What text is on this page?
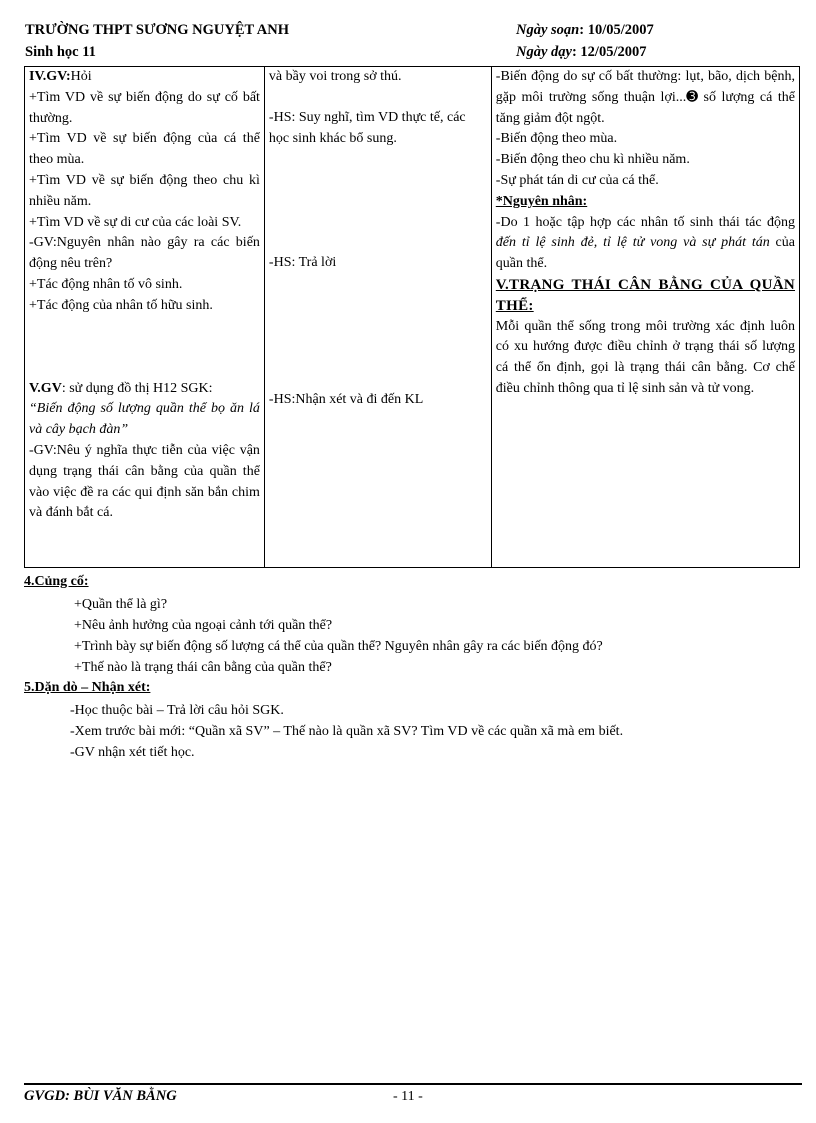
TRƯỜNG THPT SƯƠNG NGUYỆT ANH
Sinh học 11
Ngày soạn: 10/05/2007
Ngày dạy: 12/05/2007
IV.GV:Hỏi
+Tìm VD về sự biến động do sự cố bất thường.
+Tìm VD về sự biến động của cá thể theo mùa.
+Tìm VD về sự biến động theo chu kì nhiều năm.
+Tìm VD về sự di cư của các loài SV.
-GV:Nguyên nhân nào gây ra các biến động nêu trên?
+Tác động nhân tố vô sinh.
+Tác động của nhân tố hữu sinh.
V.GV: sử dụng đồ thị H12 SGK:
“Biến động số lượng quần thể bọ ăn lá và cây bạch đàn”
-GV:Nêu ý nghĩa thực tiễn của việc vận dụng trạng thái cân bằng của quần thể vào việc đề ra các qui định săn bắn chim và đánh bắt cá.

và bầy voi trong sở thú.
-HS: Suy nghĩ, tìm VD thực tế, các học sinh khác bổ sung.
-HS: Trả lời
-HS:Nhận xét và đi đến KL

-Biến động do sự cố bất thường: lụt, bão, dịch bệnh, gặp môi trường sống thuận lợi...➌ số lượng cá thể tăng giảm đột ngột.
-Biến động theo mùa.
-Biến động theo chu kì nhiều năm.
-Sự phát tán di cư của cá thể.
*Nguyên nhân:
-Do 1 hoặc tập hợp các nhân tố sinh thái tác động đến tỉ lệ sinh đẻ, tỉ lệ tử vong và sự phát tán của quần thể.
V.TRẠNG THÁI CÂN BẰNG CỦA QUẦN THỂ:
Mỗi quần thể sống trong môi trường xác định luôn có xu hướng được điều chỉnh ở trạng thái số lượng cá thể ổn định, gọi là trạng thái cân bằng. Cơ chế điều chỉnh thông qua tỉ lệ sinh sản và tử vong.
4.Củng cố:
+Quần thể là gì?
+Nêu ảnh hưởng của ngoại cảnh tới quần thể?
+Trình bày sự biến động số lượng cá thể của quần thể? Nguyên nhân gây ra các biến động đó?
+Thế nào là trạng thái cân bằng của quần thể?
5.Dặn dò – Nhận xét:
-Học thuộc bài – Trả lời câu hỏi SGK.
-Xem trước bài mới: “Quần xã SV” – Thế nào là quần xã SV? Tìm VD về các quần xã mà em biết.
-GV nhận xét tiết học.
GVGD: BÙI VĂN BẰNG	- 11 -
